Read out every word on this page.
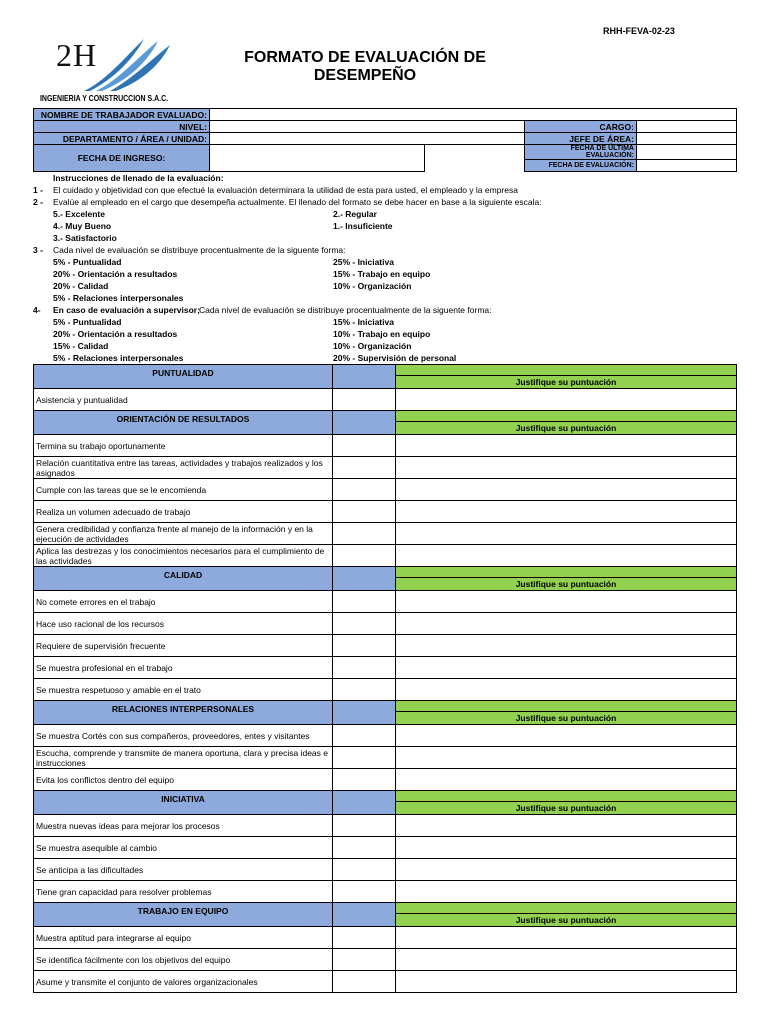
RHH-FEVA-02-23
2H
INGENIERIA Y CONSTRUCCION S.A.C.
FORMATO DE EVALUACIÓN DE DESEMPEÑO
NOMBRE DE TRABAJADOR EVALUADO:				
NIVEL:			CARGO:	
DEPARTAMENTO / ÁREA / UNIDAD:			JEFE DE ÁREA:	
FECHA DE INGRESO:			FECHA DE ÚLTIMA EVALUACIÓN:	
			FECHA DE EVALUACIÓN:	
Instrucciones de llenado de la evaluación:
1 - El cuidado y objetividad con que efectué la evaluación determinara la utilidad de esta para usted, el empleado y la empresa
2 - Evalúe al empleado en el cargo que desempeña actualmente. El llenado del formato se debe hacer en base a la siguiente escala:
5.- Excelente	2.- Regular
4.- Muy Bueno	1.- Insuficiente
3.- Satisfactorio
3 - Cada nivel de evaluación se distribuye procentualmente de la siguente forma:
5% - Puntualidad	25% - Iniciativa
20% - Orientación a resultados	15% - Trabajo en equipo
20% - Calidad	10% - Organización
5% - Relaciones interpersonales
4- En caso de evaluación a supervisor; Cada nivel de evaluación se distribuye procentualmente de la siguente forma:
5% - Puntualidad	15% - Iniciativa
20% - Orientación a resultados	10% - Trabajo en equipo
15% - Calidad	10% - Organización
5% - Relaciones interpersonales	20% - Supervisión de personal
PUNTUALIDAD		Justifique su puntuación

Asistencia y puntualidad		
ORIENTACIÓN DE RESULTADOS		Justifique su puntuación

Termina su trabajo oportunamente		
Relación cuantitativa entre las tareas, actividades y trabajos realizados y los asignados		
Cumple con las tareas que se le encomienda		
Realiza un volumen adecuado de trabajo		
Genera credibilidad y confianza frente al manejo de la información y en la ejecución de actividades		
Aplica las destrezas y los conocimientos necesarios para el cumplimiento de las actividades		
CALIDAD		Justifique su puntuación

No comete errores en el trabajo		
Hace uso racional de los recursos		
Requiere de supervisión frecuente		
Se muestra profesional en el trabajo		
Se muestra respetuoso y amable en el trato		
RELACIONES INTERPERSONALES		Justifique su puntuación

Se muestra Cortés con sus compañeros, proveedores, entes y visitantes		
Escucha, comprende y transmite de manera oportuna, clara y precisa ideas e instrucciones		
Evita los conflictos dentro del equipo		
INICIATIVA		Justifique su puntuación

Muestra nuevas ideas para mejorar los procesos		
Se muestra asequible al cambio		
Se anticipa a las dificultades		
Tiene gran capacidad para resolver problemas		
TRABAJO EN EQUIPO		Justifique su puntuación

Muestra aptitud para integrarse al equipo		
Se identifica fácilmente con los objetivos del equipo		
Asume y transmite el conjunto de valores organizacionales		
